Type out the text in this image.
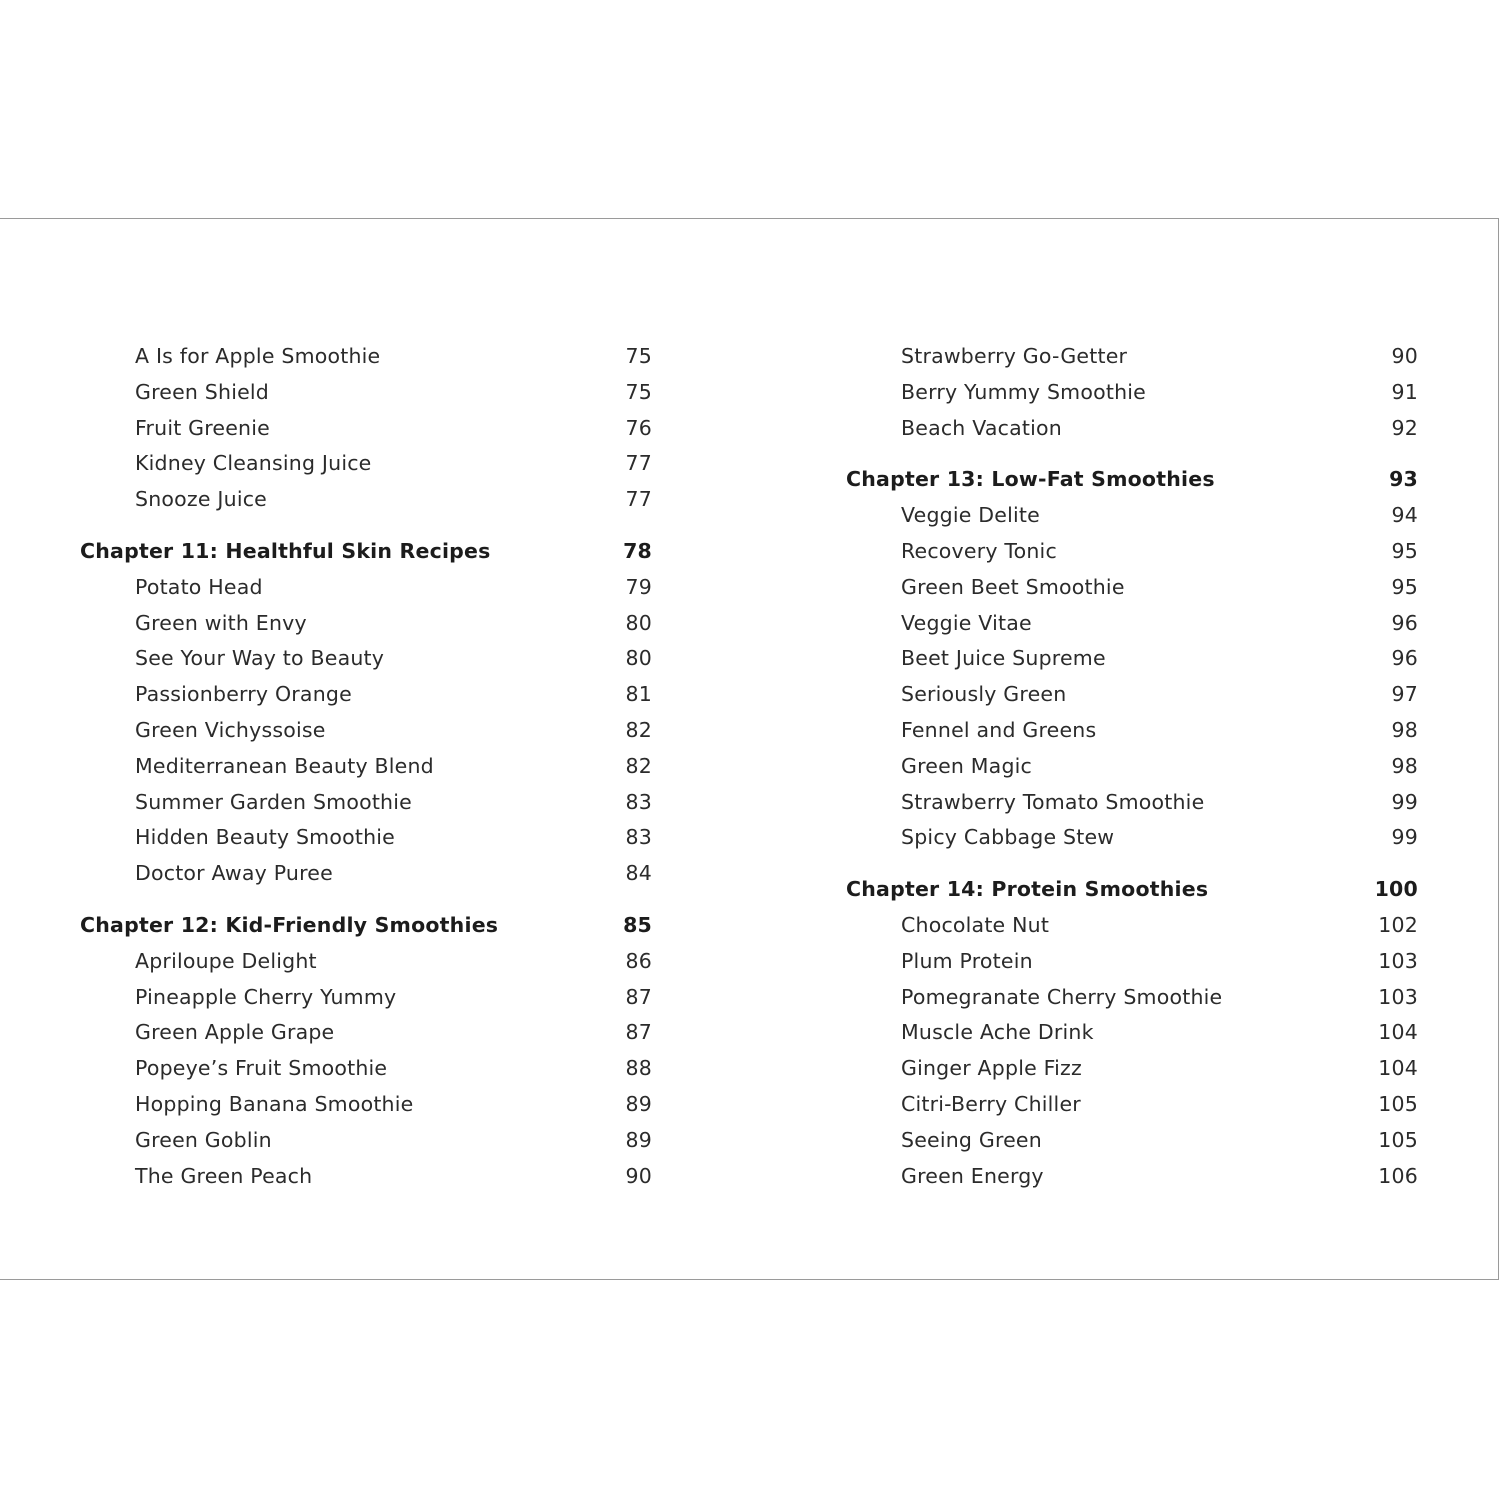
A Is for Apple Smoothie	75
Green Shield	75
Fruit Greenie	76
Kidney Cleansing Juice	77
Snooze Juice	77
Chapter 11: Healthful Skin Recipes	78
Potato Head	79
Green with Envy	80
See Your Way to Beauty	80
Passionberry Orange	81
Green Vichyssoise	82
Mediterranean Beauty Blend	82
Summer Garden Smoothie	83
Hidden Beauty Smoothie	83
Doctor Away Puree	84
Chapter 12: Kid-Friendly Smoothies	85
Apriloupe Delight	86
Pineapple Cherry Yummy	87
Green Apple Grape	87
Popeye’s Fruit Smoothie	88
Hopping Banana Smoothie	89
Green Goblin	89
The Green Peach	90
Strawberry Go-Getter	90
Berry Yummy Smoothie	91
Beach Vacation	92
Chapter 13: Low-Fat Smoothies	93
Veggie Delite	94
Recovery Tonic	95
Green Beet Smoothie	95
Veggie Vitae	96
Beet Juice Supreme	96
Seriously Green	97
Fennel and Greens	98
Green Magic	98
Strawberry Tomato Smoothie	99
Spicy Cabbage Stew	99
Chapter 14: Protein Smoothies	100
Chocolate Nut	102
Plum Protein	103
Pomegranate Cherry Smoothie	103
Muscle Ache Drink	104
Ginger Apple Fizz	104
Citri-Berry Chiller	105
Seeing Green	105
Green Energy	106
